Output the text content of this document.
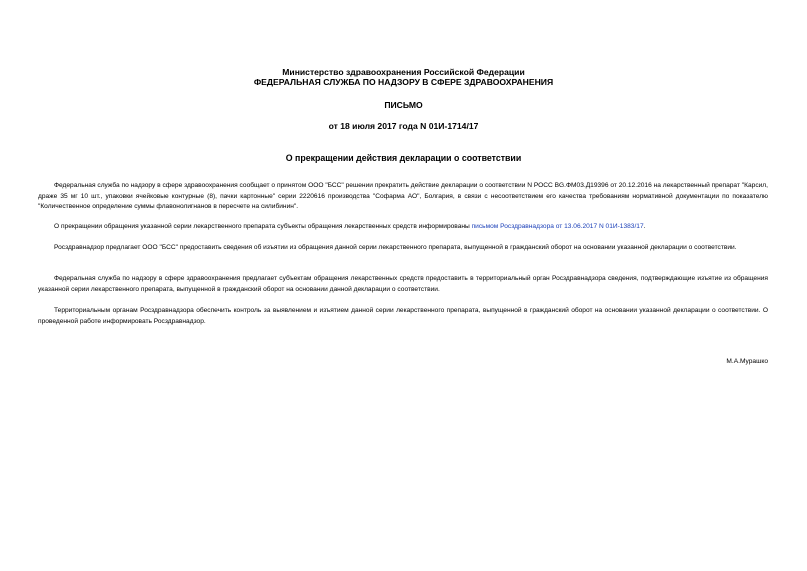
Министерство здравоохранения Российской Федерации
ФЕДЕРАЛЬНАЯ СЛУЖБА ПО НАДЗОРУ В СФЕРЕ ЗДРАВООХРАНЕНИЯ
ПИСЬМО
от 18 июля 2017 года N 01И-1714/17
О прекращении действия декларации о соответствии
Федеральная служба по надзору в сфере здравоохранения сообщает о принятом ООО "БСС" решении прекратить действие декларации о соответствии N РОСС BG.ФМ03.Д19396 от 20.12.2016 на лекарственный препарат "Карсил, драже 35 мг 10 шт., упаковки ячейковые контурные (8), пачки картонные" серии 2220616 производства "Софарма АО", Болгария, в связи с несоответствием его качества требованиям нормативной документации по показателю "Количественное определение суммы флавонолигнанов в пересчете на силибинин".
О прекращении обращения указанной серии лекарственного препарата субъекты обращения лекарственных средств информированы письмом Росздравнадзора от 13.06.2017 N 01И-1383/17.
Росздравнадзор предлагает ООО "БСС" предоставить сведения об изъятии из обращения данной серии лекарственного препарата, выпущенной в гражданский оборот на основании указанной декларации о соответствии.
Федеральная служба по надзору в сфере здравоохранения предлагает субъектам обращения лекарственных средств предоставить в территориальный орган Росздравнадзора сведения, подтверждающие изъятие из обращения указанной серии лекарственного препарата, выпущенной в гражданский оборот на основании данной декларации о соответствии.
Территориальным органам Росздравнадзора обеспечить контроль за выявлением и изъятием данной серии лекарственного препарата, выпущенной в гражданский оборот на основании указанной декларации о соответствии. О проведенной работе информировать Росздравнадзор.
М.А.Мурашко
